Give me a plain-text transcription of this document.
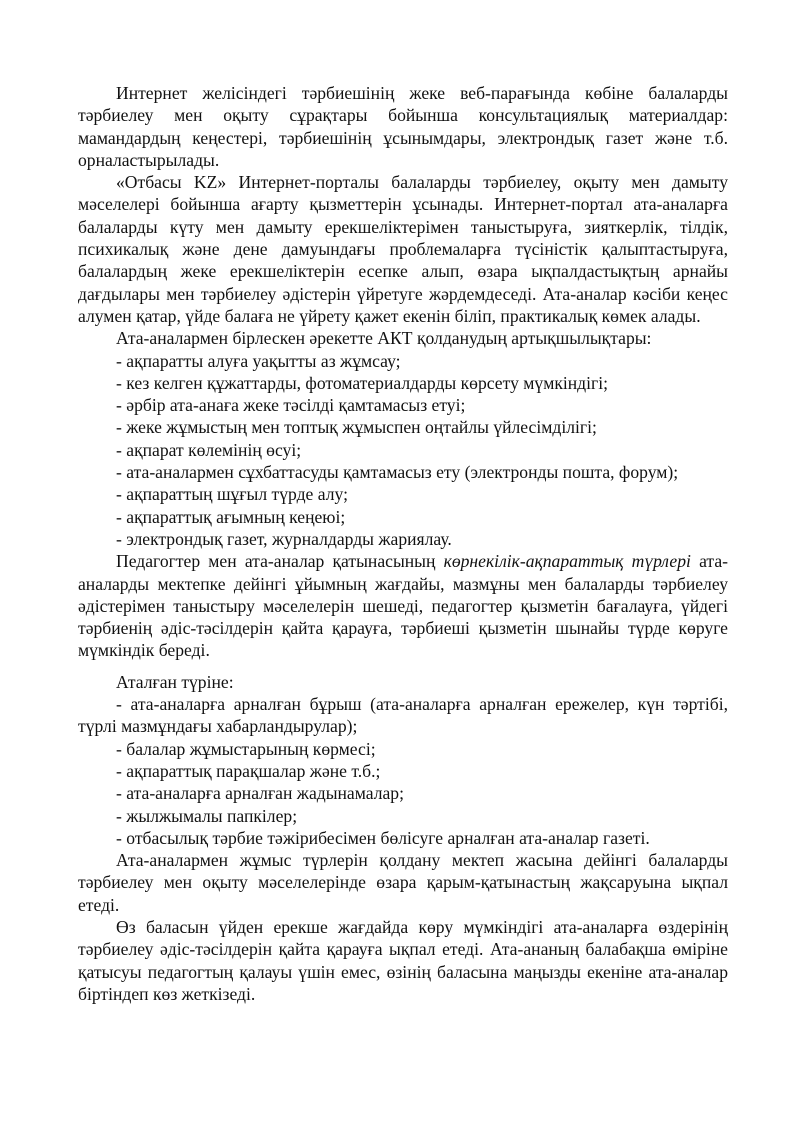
Интернет желісіндегі тәрбиешінің жеке веб-парағында көбіне балаларды тәрбиелеу мен оқыту сұрақтары бойынша консультациялық материалдар: мамандардың кеңестері, тәрбиешінің ұсынымдары, электрондық газет және т.б. орналастырылады.

«Отбасы KZ» Интернет-порталы балаларды тәрбиелеу, оқыту мен дамыту мәселелері бойынша ағарту қызметтерін ұсынады. Интернет-портал ата-аналарға балаларды күту мен дамыту ерекшеліктерімен таныстыруға, зияткерлік, тілдік, психикалық және дене дамуындағы проблемаларға түсіністік қалыптастыруға, балалардың жеке ерекшеліктерін есепке алып, өзара ықпалдастықтың арнайы дағдылары мен тәрбиелеу әдістерін үйретуге жәрдемдеседі. Ата-аналар кәсіби кеңес алумен қатар, үйде балаға не үйрету қажет екенін біліп, практикалық көмек алады.

Ата-аналармен бірлескен әрекетте АКТ қолданудың артықшылықтары:

- ақпаратты алуға уақытты аз жұмсау;

- кез келген құжаттарды, фотоматериалдарды көрсету мүмкіндігі;

- әрбір ата-анаға жеке тәсілді қамтамасыз етуі;

- жеке жұмыстың мен топтық жұмыспен оңтайлы үйлесімділігі;

- ақпарат көлемінің өсуі;

- ата-аналармен сұхбаттасуды қамтамасыз ету (электронды пошта, форум);

- ақпараттың шұғыл түрде алу;

- ақпараттық ағымның кеңеюі;

- электрондық газет, журналдарды жариялау.

Педагогтер мен ата-аналар қатынасының көрнекілік-ақпараттық түрлері ата-аналарды мектепке дейінгі ұйымның жағдайы, мазмұны мен балаларды тәрбиелеу әдістерімен таныстыру мәселелерін шешеді, педагогтер қызметін бағалауға, үйдегі тәрбиенің әдіс-тәсілдерін қайта қарауға, тәрбиеші қызметін шынайы түрде көруге мүмкіндік береді.

Аталған түріне:

- ата-аналарға арналған бұрыш (ата-аналарға арналған ережелер, күн тәртібі, түрлі мазмұндағы хабарландырулар);

- балалар жұмыстарының көрмесі;

- ақпараттық парақшалар және т.б.;

- ата-аналарға арналған жадынамалар;

- жылжымалы папкілер;

- отбасылық тәрбие тәжірибесімен бөлісуге арналған ата-аналар газеті.

Ата-аналармен жұмыс түрлерін қолдану мектеп жасына дейінгі балаларды тәрбиелеу мен оқыту мәселелерінде өзара қарым-қатынастың жақсаруына ықпал етеді.

Өз баласын үйден ерекше жағдайда көру мүмкіндігі ата-аналарға өздерінің тәрбиелеу әдіс-тәсілдерін қайта қарауға ықпал етеді. Ата-ананың балабақша өміріне қатысуы педагогтың қалауы үшін емес, өзінің баласына маңызды екеніне ата-аналар біртіндеп көз жеткізеді.
